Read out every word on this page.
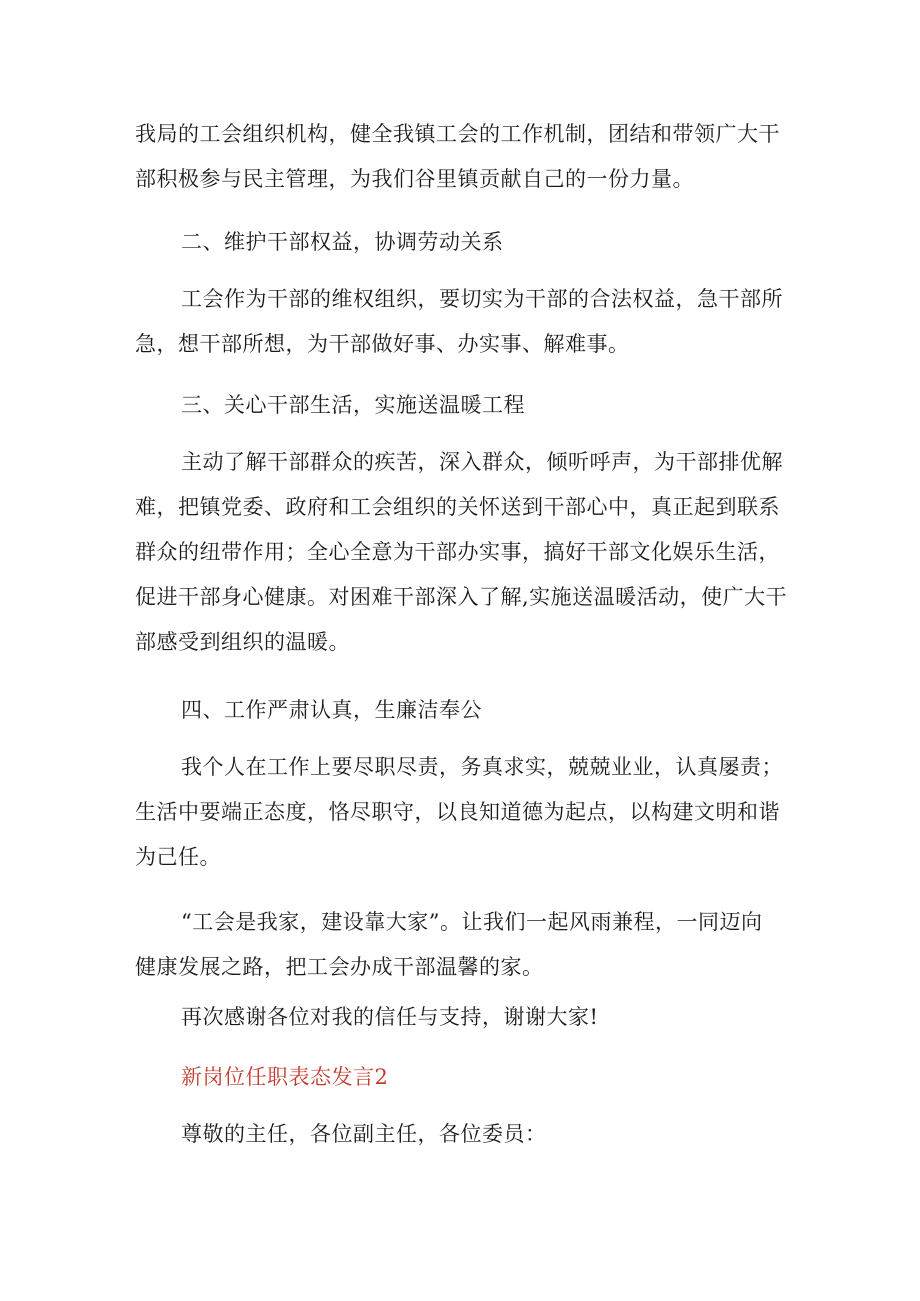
我局的工会组织机构，健全我镇工会的工作机制，团结和带领广大干
部积极参与民主管理，为我们谷里镇贡献自己的一份力量。
二、维护干部权益，协调劳动关系
工会作为干部的维权组织，要切实为干部的合法权益，急干部所
急，想干部所想，为干部做好事、办实事、解难事。
三、关心干部生活，实施送温暖工程
主动了解干部群众的疾苦，深入群众，倾听呼声，为干部排优解
难，把镇党委、政府和工会组织的关怀送到干部心中，真正起到联系
群众的纽带作用；全心全意为干部办实事，搞好干部文化娱乐生活，
促进干部身心健康。对困难干部深入了解,实施送温暖活动，使广大干
部感受到组织的温暖。
四、工作严肃认真，生廉洁奉公
我个人在工作上要尽职尽责，务真求实，兢兢业业，认真屡责；
生活中要端正态度，恪尽职守，以良知道德为起点，以构建文明和谐
为己任。
“工会是我家，建设靠大家”。让我们一起风雨兼程，一同迈向
健康发展之路，把工会办成干部温馨的家。
再次感谢各位对我的信任与支持，谢谢大家!
新岗位任职表态发言2
尊敬的主任，各位副主任，各位委员：
